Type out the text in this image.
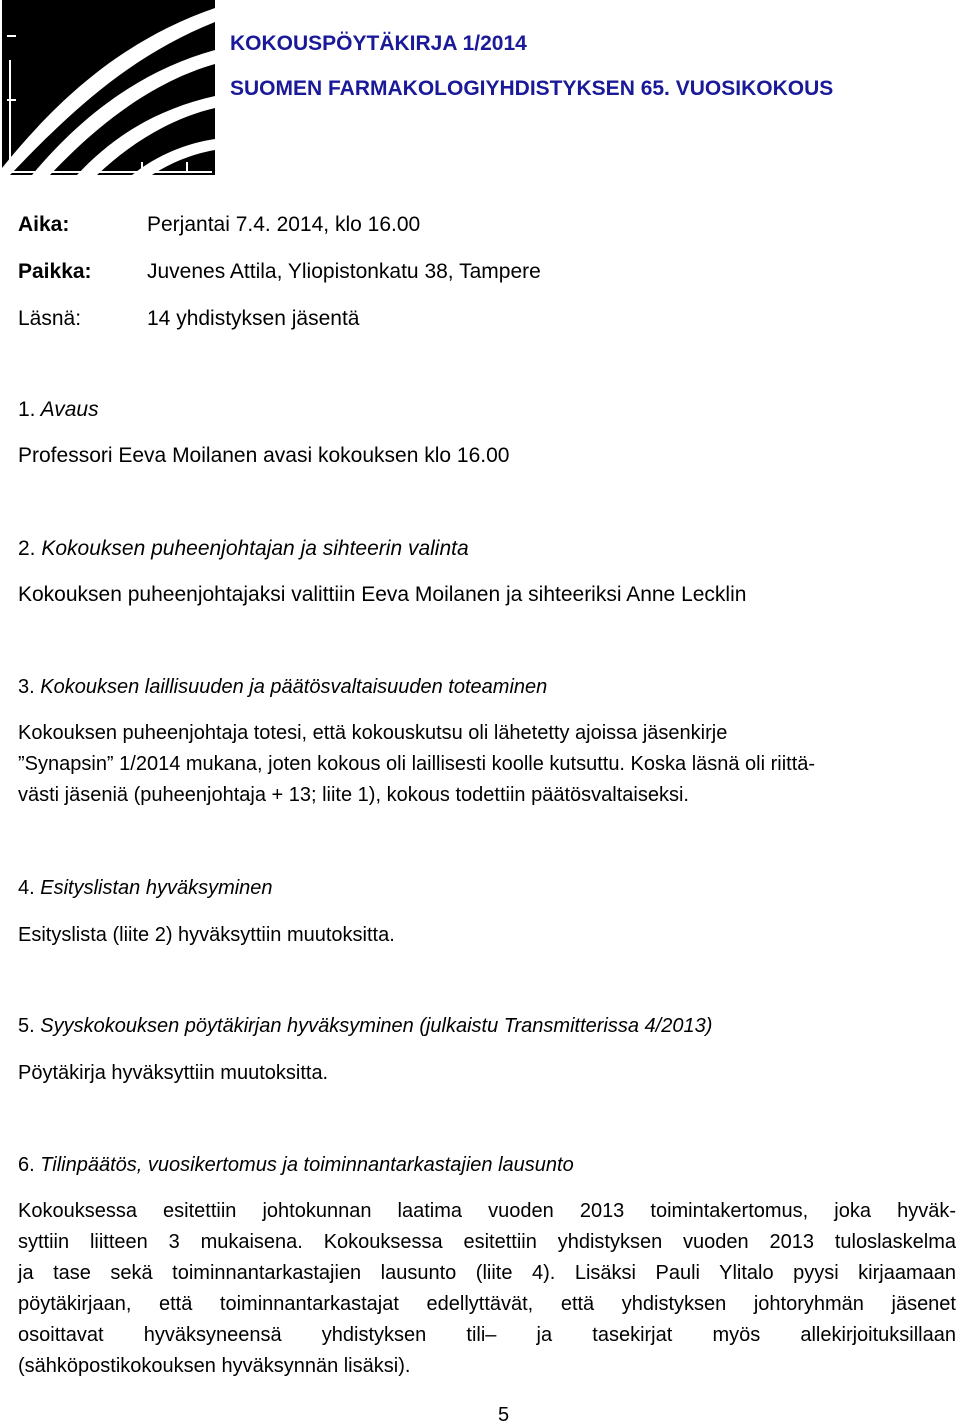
KOKOUSPÖYTÄKIRJA 1/2014
SUOMEN FARMAKOLOGIYHDISTYKSEN 65. VUOSIKOKOUS
Aika:	Perjantai 7.4. 2014, klo 16.00
Paikka:	Juvenes Attila, Yliopistonkatu 38, Tampere
Läsnä:	14 yhdistyksen jäsentä
1. Avaus
Professori Eeva Moilanen avasi kokouksen klo 16.00
2. Kokouksen puheenjohtajan ja sihteerin valinta
Kokouksen puheenjohtajaksi valittiin Eeva Moilanen ja sihteeriksi Anne Lecklin
3. Kokouksen laillisuuden ja päätösvaltaisuuden toteaminen
Kokouksen puheenjohtaja totesi, että kokouskutsu oli lähetetty ajoissa jäsenkirje
”Synapsin” 1/2014 mukana, joten kokous oli laillisesti koolle kutsuttu. Koska läsnä oli riittä-
västi jäseniä (puheenjohtaja + 13; liite 1), kokous todettiin päätösvaltaiseksi.
4. Esityslistan hyväksyminen
Esityslista (liite 2) hyväksyttiin muutoksitta.
5. Syyskokouksen pöytäkirjan hyväksyminen (julkaistu Transmitterissa 4/2013)
Pöytäkirja hyväksyttiin muutoksitta.
6. Tilinpäätös, vuosikertomus ja toiminnantarkastajien lausunto
Kokouksessa esitettiin johtokunnan laatima vuoden 2013 toimintakertomus, joka hyväk-
syttiin liitteen 3 mukaisena. Kokouksessa esitettiin yhdistyksen vuoden 2013 tuloslaskelma
ja tase sekä toiminnantarkastajien lausunto (liite 4). Lisäksi Pauli Ylitalo pyysi kirjaamaan
pöytäkirjaan, että toiminnantarkastajat edellyttävät, että yhdistyksen johtoryhmän jäsenet
osoittavat hyväksyneensä yhdistyksen tili– ja tasekirjat myös allekirjoituksillaan
(sähköpostikokouksen hyväksynnän lisäksi).
5
